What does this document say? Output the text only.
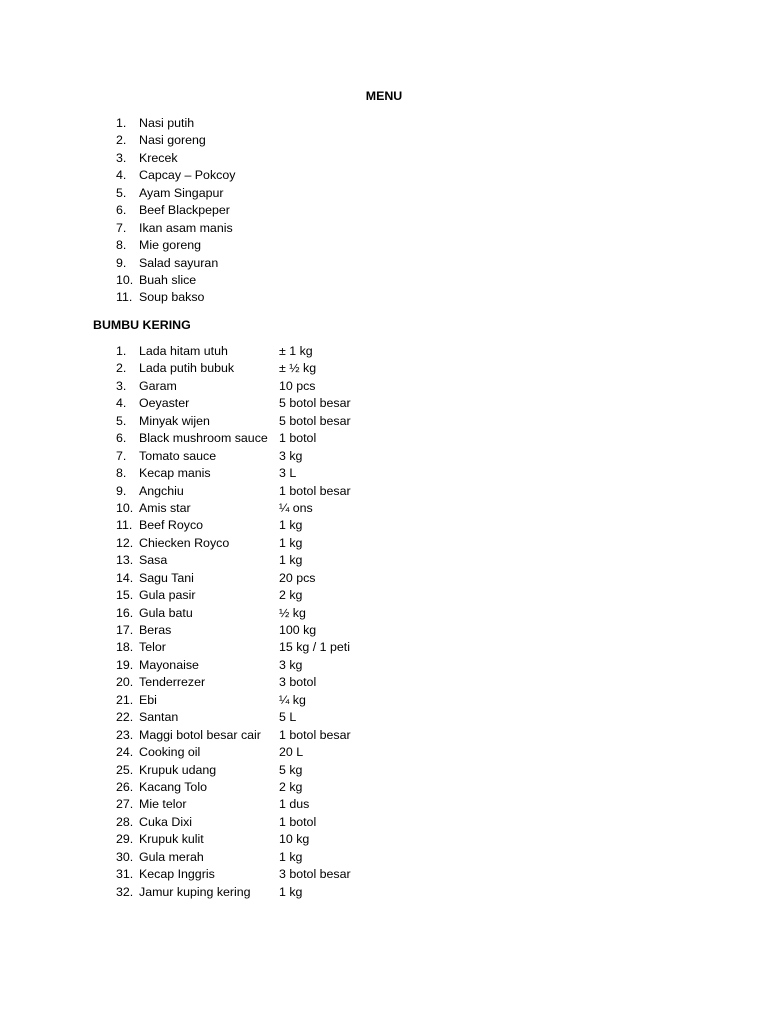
MENU
1.	Nasi putih
2.	Nasi goreng
3.	Krecek
4.	Capcay – Pokcoy
5.	Ayam Singapur
6.	Beef Blackpeper
7.	Ikan asam manis
8.	Mie goreng
9.	Salad sayuran
10. Buah slice
11. Soup bakso
BUMBU KERING
1.	Lada hitam utuh	± 1 kg
2.	Lada putih bubuk	± ½ kg
3.	Garam	10 pcs
4.	Oeyaster	5 botol besar
5.	Minyak wijen	5 botol besar
6.	Black mushroom sauce 1 botol
7.	Tomato sauce	3 kg
8.	Kecap manis	3 L
9.	Angchiu	1 botol besar
10. Amis star	¼ ons
11. Beef Royco	1 kg
12. Chiecken Royco	1 kg
13. Sasa	1 kg
14. Sagu Tani	20 pcs
15. Gula pasir	2 kg
16. Gula batu	½ kg
17. Beras	100 kg
18. Telor	15 kg / 1 peti
19. Mayonaise	3 kg
20. Tenderrezer	3 botol
21. Ebi	¼ kg
22. Santan	5 L
23. Maggi botol besar cair 1 botol besar
24. Cooking oil	20 L
25. Krupuk udang	5 kg
26. Kacang Tolo	2 kg
27. Mie telor	1 dus
28. Cuka Dixi	1 botol
29. Krupuk kulit	10 kg
30. Gula merah	1 kg
31. Kecap Inggris	3 botol besar
32. Jamur kuping kering 1 kg
